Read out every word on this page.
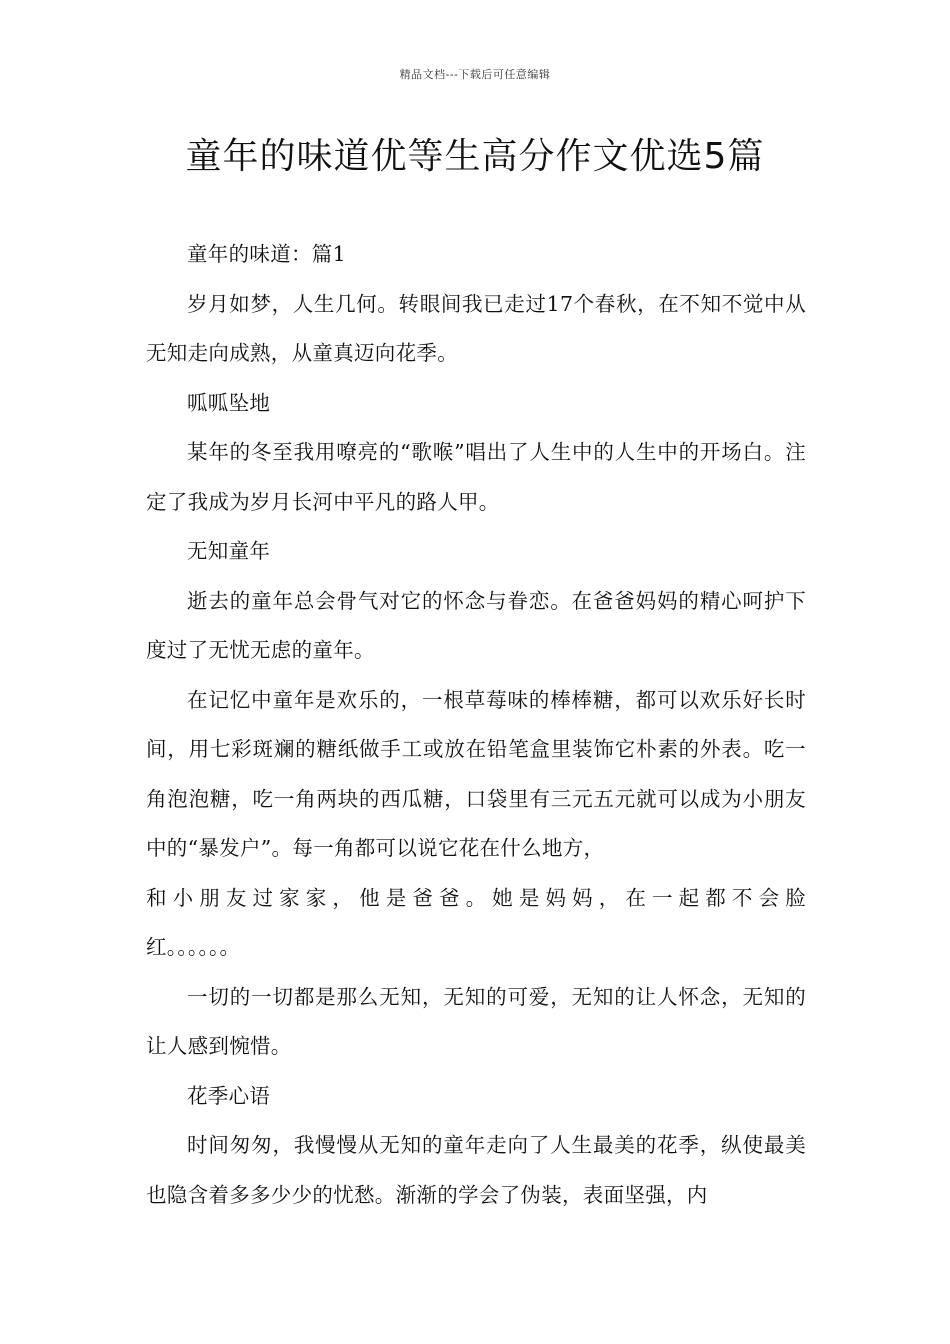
精品文档---下载后可任意编辑
童年的味道优等生高分作文优选5篇

童年的味道：篇1

岁月如梦，人生几何。转眼间我已走过17个春秋，在不知不觉中从无知走向成熟，从童真迈向花季。

呱呱坠地

某年的冬至我用嘹亮的“歌喉”唱出了人生中的人生中的开场白。注定了我成为岁月长河中平凡的路人甲。

无知童年

逝去的童年总会骨气对它的怀念与眷恋。在爸爸妈妈的精心呵护下度过了无忧无虑的童年。

在记忆中童年是欢乐的，一根草莓味的棒棒糖，都可以欢乐好长时间，用七彩斑斓的糖纸做手工或放在铅笔盒里装饰它朴素的外表。吃一角泡泡糖，吃一角两块的西瓜糖，口袋里有三元五元就可以成为小朋友中的“暴发户”。每一角都可以说它花在什么地方，

和小朋友过家家，他是爸爸。她是妈妈，在一起都不会脸

红。。。。。。

一切的一切都是那么无知，无知的可爱，无知的让人怀念，无知的让人感到惋惜。

花季心语

时间匆匆，我慢慢从无知的童年走向了人生最美的花季，纵使最美也隐含着多多少少的忧愁。渐渐的学会了伪装，表面坚强，内
